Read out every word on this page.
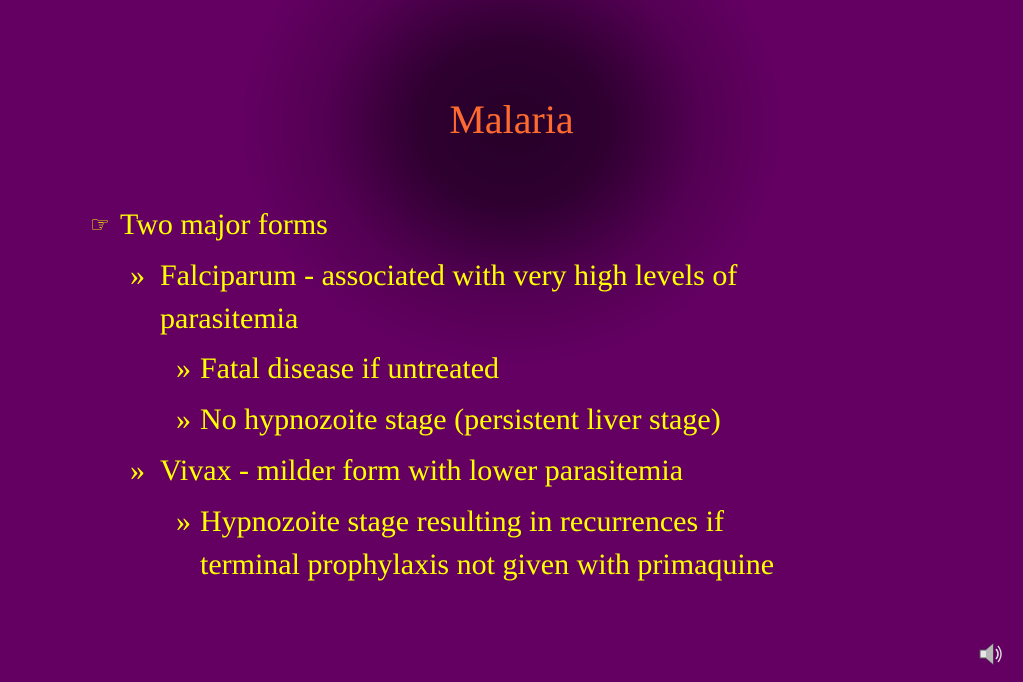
Malaria
☞ Two major forms
» Falciparum - associated with very high levels of
parasitemia
» Fatal disease if untreated
» No hypnozoite stage (persistent liver stage)
» Vivax - milder form with lower parasitemia
» Hypnozoite stage resulting in recurrences if
terminal prophylaxis not given with primaquine
